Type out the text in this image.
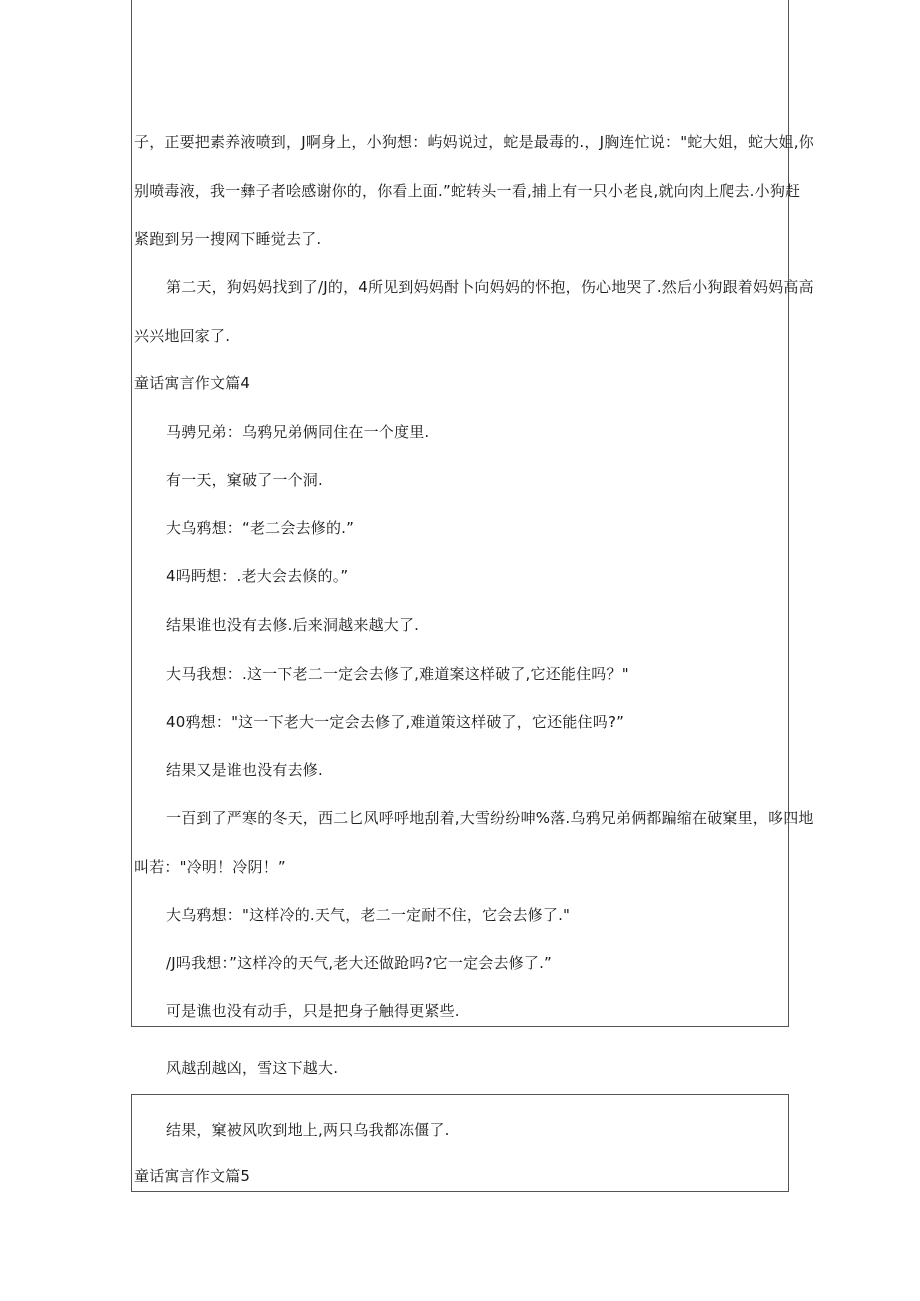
子，正要把素养液喷到，J啊身上，小狗想：屿妈说过，蛇是最毒的.，J胸连忙说："蛇大姐，蛇大姐,你
别喷毒液，我一彝子者哙感谢你的，你看上面.”蛇转头一看,捕上有一只小老良,就向肉上爬去.小狗赶
紧跑到另一搜网下睡觉去了.
第二天，狗妈妈找到了/J的，4所见到妈妈酎卜向妈妈的怀抱，伤心地哭了.然后小狗跟着妈妈高高
兴兴地回家了.
童话寓言作文篇4
马骋兄弟：乌鸦兄弟俩同住在一个度里.
有一天，窠破了一个洞.
大乌鸦想：“老二会去修的.”
4吗眄想：.老大会去倏的。”
结果谁也没有去修.后来洞越来越大了.
大马我想：.这一下老二一定会去修了,难道案这样破了,它还能住吗？"
40鸦想："这一下老大一定会去修了,难道策这样破了，它还能住吗?”
结果又是谁也没有去修.
一百到了严寒的冬天，西二匕风呼呼地刮着,大雪纷纷呻%落.乌鸦兄弟俩都蹁缩在破窠里，哆四地
叫若："冷明！冷阴！”
大乌鸦想："这样冷的.天气，老二一定耐不住，它会去修了."
/J吗我想：”这样冷的天气,老大还做跄吗?它一定会去修了.”
可是谯也没有动手，只是把身子触得更紧些.
风越刮越凶，雪这下越大.
结果，窠被风吹到地上,两只乌我都冻僵了.
童话寓言作文篇5
